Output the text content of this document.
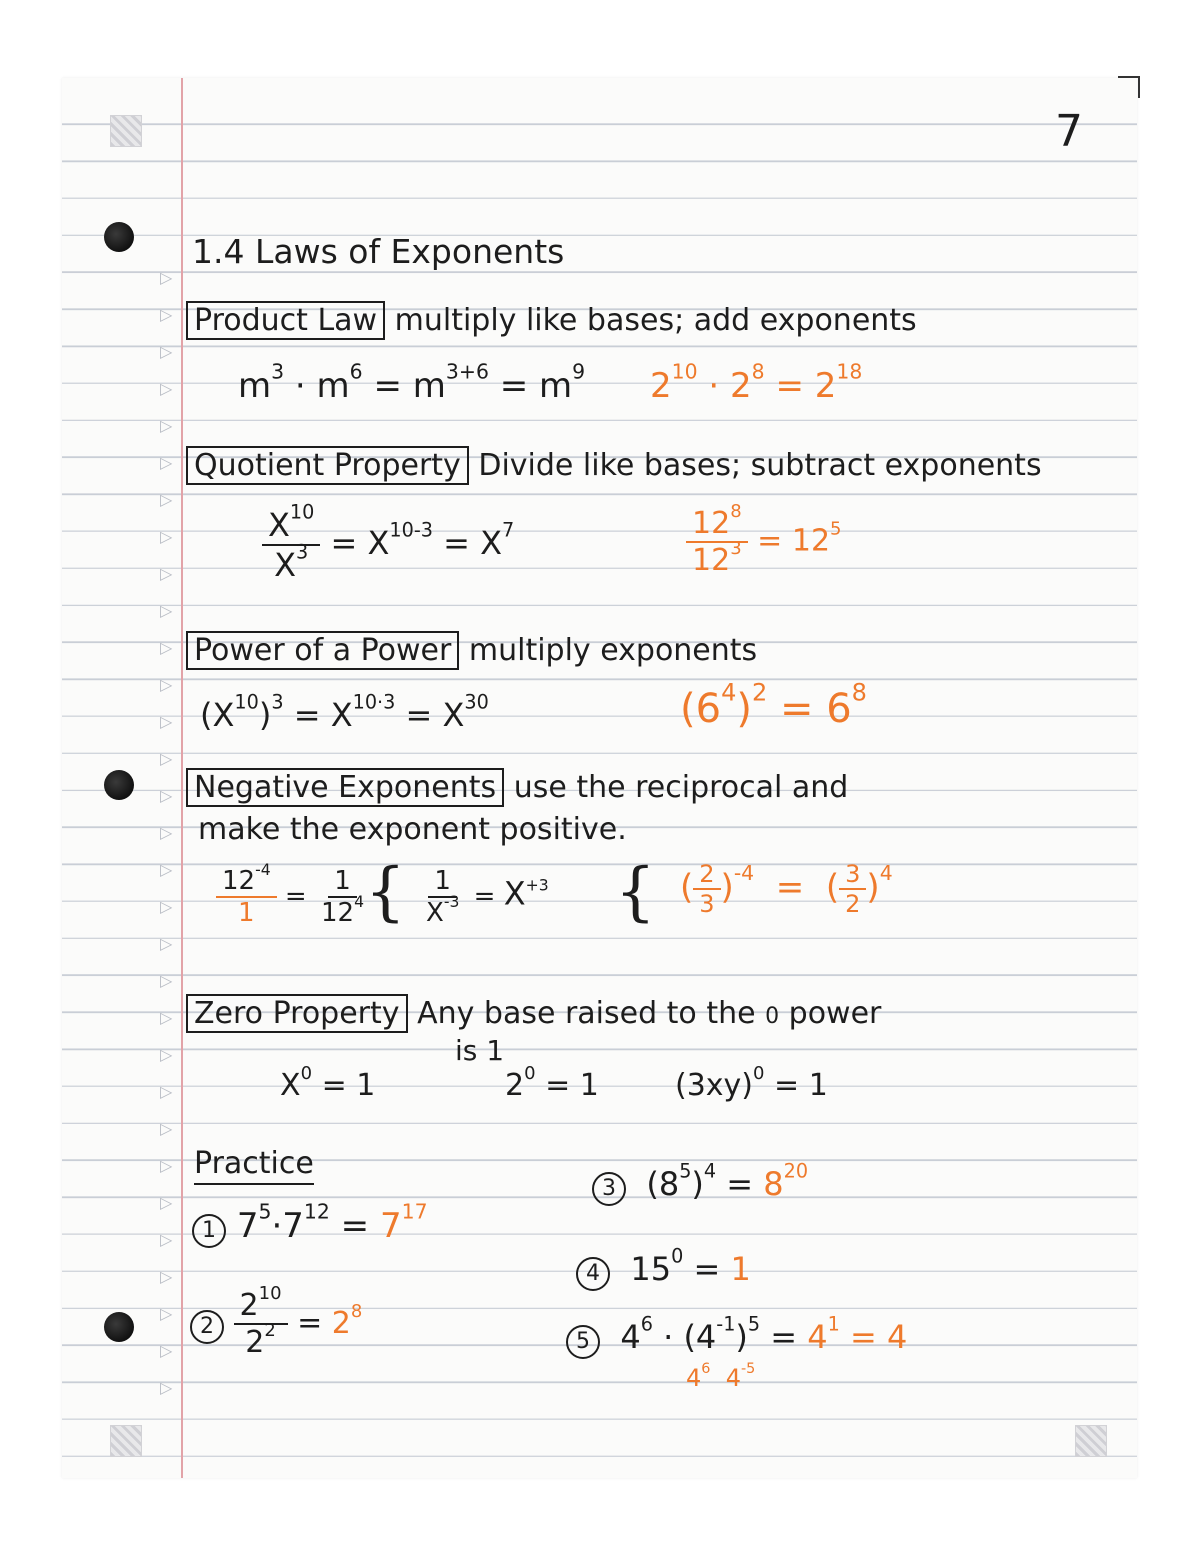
▷
▷
▷
▷
▷
▷
▷
▷
▷
▷
▷
▷
▷
▷
▷
▷
▷
▷
▷
▷
▷
▷
▷
▷
▷
▷
▷
▷
▷
▷
▷
7
1.4 Laws of Exponents
Product Law multiply like bases; add exponents
$m^3 \cdot m^6 = m^{3+6} = m^9$ $2^{10} \cdot 2^8 = 2^{18}$
Quotient Property Divide like bases; subtract exponents
$\frac{X^{10}}{X^3} = X^{10-3} = X^7$	$\frac{12^8}{12^3} = 12^5$
Power of a Power multiply exponents
$(X^{10})^3 = X^{10\cdot 3} = X^{30}$	$(6^4)^2 = 6^8$
Negative Exponents use the reciprocal and
make the exponent positive.
$\frac{12^{-4}}{1} = \frac{1}{12^4}$
{ $\frac{1}{X^{-3}} = X^{+3}$ { ( $\frac{2}{3} )^{-4}$  =  ( $\frac{3}{2} )^4$
Zero Property Any base raised to the 0 power
is 1
$X^0 = 1$	$2^0 = 1$	$(3xy)^0 = 1$
Practice
1 $7^5\cdot 7^{12} = 7^{17}$
$2 \frac{2^{10}}{2^2} = 2^8$
3  $(8^5)^4 = 8^{20}$
4 $15^0 = 1$
5 $4^6 \cdot (4^{-1})^5 = 4^1 = 4$
$4^6$ $4^{-5}$
